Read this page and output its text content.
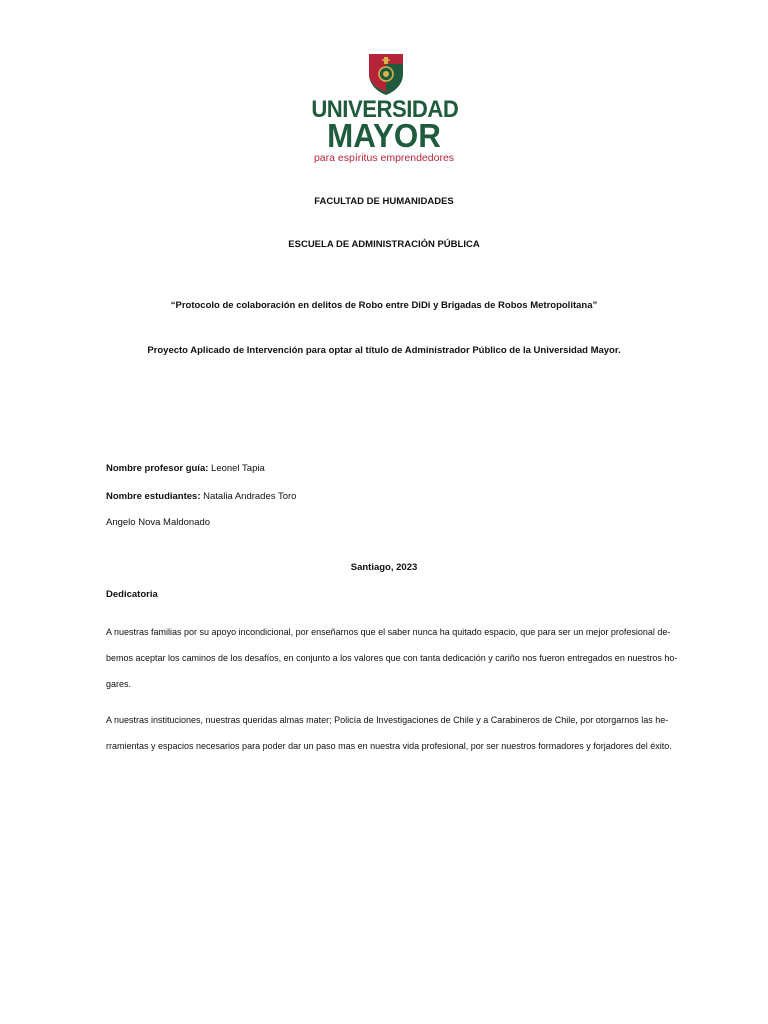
UNIVERSIDAD
MAYOR
para espíritus emprendedores
FACULTAD DE HUMANIDADES
ESCUELA DE ADMINISTRACIÓN PÚBLICA
“Protocolo de colaboración en delitos de Robo entre DiDi y Brigadas de Robos Metropolitana”
Proyecto Aplicado de Intervención para optar al título de Administrador Público de la Universidad Mayor.
Nombre profesor guía: Leonel Tapia
Nombre estudiantes: Natalia Andrades Toro
Angelo Nova Maldonado
Santiago, 2023
Dedicatoria
A nuestras familias por su apoyo incondicional, por enseñarnos que el saber nunca ha quitado espacio, que para ser un mejor profesional de-
bemos aceptar los caminos de los desafíos, en conjunto a los valores que con tanta dedicación y cariño nos fueron entregados en nuestros ho-
gares.
A nuestras instituciones, nuestras queridas almas mater; Policía de Investigaciones de Chile y a Carabineros de Chile, por otorgarnos las he-
rramientas y espacios necesarios para poder dar un paso mas en nuestra vida profesional, por ser nuestros formadores y forjadores del éxito.
